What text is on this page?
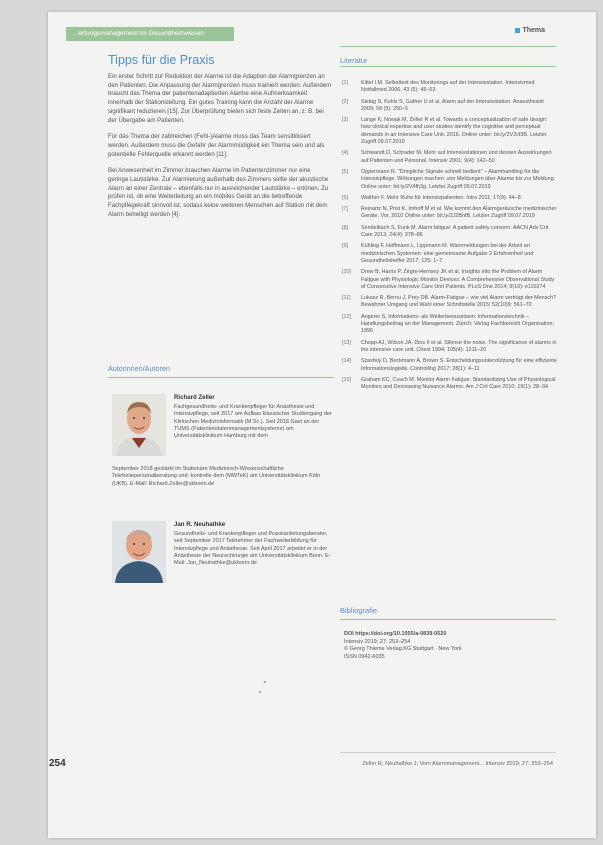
…ertungsmanagement im Gesundheitswesen	Thema
Tipps für die Praxis

Ein erster Schritt zur Reduktion der Alarme ist die Adaption der Alarmgrenzen an den Patienten. Die Anpassung der Alarmgrenzen muss trainiert werden. Außerdem braucht das Thema der patientenadaptierten Alarme eine Aufmerksamkeit innerhalb der Stationsleitung. Ein gutes Training kann die Anzahl der Alarme signifikant reduzieren [15]. Zur Überprüfung bieten sich feste Zeiten an, z. B. bei der Übergabe am Patienten.

Für das Thema der zahlreichen (Fehl-)Alarme muss das Team sensibilisiert werden. Außerdem muss die Gefahr der Alarmmüdigkeit ein Thema sein und als potentielle Fehlerquelle erkannt werden [11].

Bei Anwesenheit im Zimmer brauchen Alarme im Patientenzimmer nur eine geringe Lautstärke. Zur Alarmierung außerhalb des Zimmers sollte der akustische Alarm an einer Zentrale – ebenfalls nur in ausreichender Lautstärke – ertönen. Zu prüfen ist, ob eine Weiterleitung an ein mobiles Gerät an die betreffende Fachpflegekraft sinnvoll ist, sodass keine weiteren Menschen auf Station mit dem Alarm behelligt werden [4].

Autorinnen/Autoren
Richard Zeller
Fachgesundheits- und Krankenpfleger für Anästhesie und Intensivpflege, seit 2017 am Aufbau klassischer Studiengang der Klinischen Medizininformatik (M.Sc.). Seit 2018 Gast an der TUMS (Patientendatenmanagementsysteme) am Universitätsklinikum Hamburg mit dem
September 2018 gestärkt im Stationäre Medizinisch-Wissenschaftliche Telefoniepersonalberatung und -kontrolle dem (MWTeK) am Universitätsklinikum Köln (UKB). E-Mail: Richard.Zeller@ukbonn.de
Jan R. Neuhathke
Gesundheits- und Krankenpfleger und Praxisanleitungsberater, seit September 2017 Teilnehmer der Fachweiterbildung für Intensivpflege und Anästhesie. Seit April 2017 arbeitet er in der Anästhesie der Neurochirurgie am Universitätsklinikum Bonn. E-Mail: Jan_Neuhathke@ukbonn.de
Literatur
[1] Kittel I.M. Selbsttest des Monitorings auf der Intensivstation. Intensivmed Notfallmed 2006, 43 (5): 45–53
[2] Siebig S, Kuhls S, Gather U et al. Alarm auf der Intensivstation. Anaesthesist 2009; 58 (3): 250–5
[3] Lange K, Nowak M, Zeller R et al. Towards a conceptualization of safe design: how clinical expertise and user studies identify the cognitive and perceptual demands in an Intensive Care Unit. 2016. Online unter: bit.ly/2V2cf3B. Letzter Zugriff 09.07.2019
[4] Schwandt D, Schrader M. Mehr auf Intensivstationen und dessen Auswirkungen auf Patienten und Personal. Intensiv 2001; 9(4): 142–50
[5] Oppermann R. "Dringliche Signale schnell bedient" – Alarmhandling für die Intensivpflege. Wirkungen machen: von Meldungen über Alarme bis zur Meldung. Online unter: bit.ly/2V4fh3g. Letzter Zugriff 09.07.2019
[6] Walther F. Mehr Ruhe für Intensivpatienten. Intra 2011; 17(9): 44–8
[7] Reinartz N, Post K, Imhoff M et al. Wie kommt den Alarmgeräusche medizinischer Geräte. Vor. 2010 Online unter: bit.ly/2J2BnfB. Letzter Zugriff 09.07.2019
[8] Sendelbach S, Funk M. Alarm fatigue: A patient safety concern. AACN Adv Crit Care 2013; 24(4): 378–86
[9] Kühling F, Hoffmann L, Lippmann M. Warnmeldungen bei der Arbeit an medizinischen Systemen: eine gemeinsame Aufgabe 2 Erfahrenheit und Gesundheitshelfer 2017; 125: 1–7
[10] Drew B, Harris P, Zègre-Hemsey JK et al. Insights into the Problem of Alarm Fatigue with Physiologic Monitor Devices: A Comprehensive Observational Study of Consecutive Intensive Care Unit Patients. PLoS One 2014; 9(10): e110274
[11] Lukasz R, Bernu J, Prey DB. Alarm-Fatigue – wie viel Alarm verträgt der Mensch? Bewährter Umgang und Wahl einer Schnittstelle 2015; 52(10)9: 561–70
[12] Angerer S. Informations- als Weiterbewusstsein: Informationstechnik – Handlungsbeitrag an der Management. Zürich: Verlag Fachbereich Organisation; 1996
[13] Chopp AJ, Wilson JA, Dins II et al. Silence the noise. The significance of alarms in the intensive care unit. Chest 1994; 105(4): 1211–20
[14] Szavfely D, Beckmann A, Brown S. Entscheidungsunterstützung für eine effiziente Informationslogistik. Controlling 2017; 28(1): 4–11
[15] Graham KC, Cvach M. Monitor Alarm Fatigue: Standardizing Use of Physiological Monitors and Decreasing Nuisance Alarms. Am J Crit Care 2010; 19(1): 28–34
Bibliografie
DOI https://doi.org/10.1055/a-0839-0520
Intensiv 2019; 27: 253–254
© Georg Thieme Verlag KG Stuttgart · New York
ISSN 0942-6035
254	Zeller R, Neuhathke J. Vom Alarmmanagement... Intensiv 2019; 27: 253–254
